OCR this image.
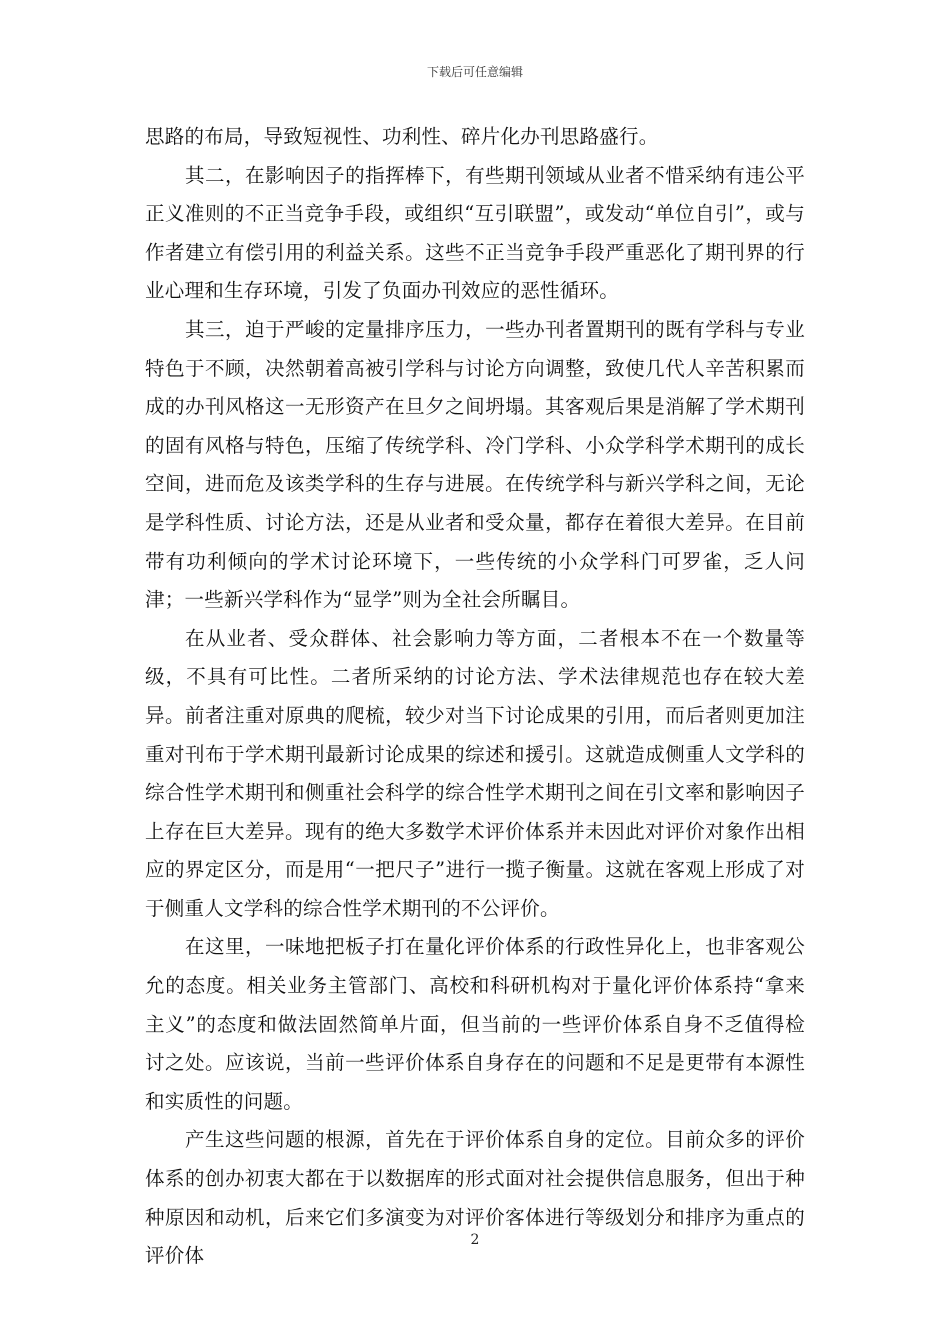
下载后可任意编辑

思路的布局，导致短视性、功利性、碎片化办刊思路盛行。

其二，在影响因子的指挥棒下，有些期刊领域从业者不惜采纳有违公平正义准则的不正当竞争手段，或组织“互引联盟”，或发动“单位自引”，或与作者建立有偿引用的利益关系。这些不正当竞争手段严重恶化了期刊界的行业心理和生存环境，引发了负面办刊效应的恶性循环。

其三，迫于严峻的定量排序压力，一些办刊者置期刊的既有学科与专业特色于不顾，决然朝着高被引学科与讨论方向调整，致使几代人辛苦积累而成的办刊风格这一无形资产在旦夕之间坍塌。其客观后果是消解了学术期刊的固有风格与特色，压缩了传统学科、冷门学科、小众学科学术期刊的成长空间，进而危及该类学科的生存与进展。在传统学科与新兴学科之间，无论是学科性质、讨论方法，还是从业者和受众量，都存在着很大差异。在目前带有功利倾向的学术讨论环境下，一些传统的小众学科门可罗雀，乏人问津；一些新兴学科作为“显学”则为全社会所瞩目。

在从业者、受众群体、社会影响力等方面，二者根本不在一个数量等级，不具有可比性。二者所采纳的讨论方法、学术法律规范也存在较大差异。前者注重对原典的爬梳，较少对当下讨论成果的引用，而后者则更加注重对刊布于学术期刊最新讨论成果的综述和援引。这就造成侧重人文学科的综合性学术期刊和侧重社会科学的综合性学术期刊之间在引文率和影响因子上存在巨大差异。现有的绝大多数学术评价体系并未因此对评价对象作出相应的界定区分，而是用“一把尺子”进行一揽子衡量。这就在客观上形成了对于侧重人文学科的综合性学术期刊的不公评价。

在这里，一味地把板子打在量化评价体系的行政性异化上，也非客观公允的态度。相关业务主管部门、高校和科研机构对于量化评价体系持“拿来主义”的态度和做法固然简单片面，但当前的一些评价体系自身不乏值得检讨之处。应该说，当前一些评价体系自身存在的问题和不足是更带有本源性和实质性的问题。

产生这些问题的根源，首先在于评价体系自身的定位。目前众多的评价体系的创办初衷大都在于以数据库的形式面对社会提供信息服务，但出于种种原因和动机，后来它们多演变为对评价客体进行等级划分和排序为重点的评价体

2
